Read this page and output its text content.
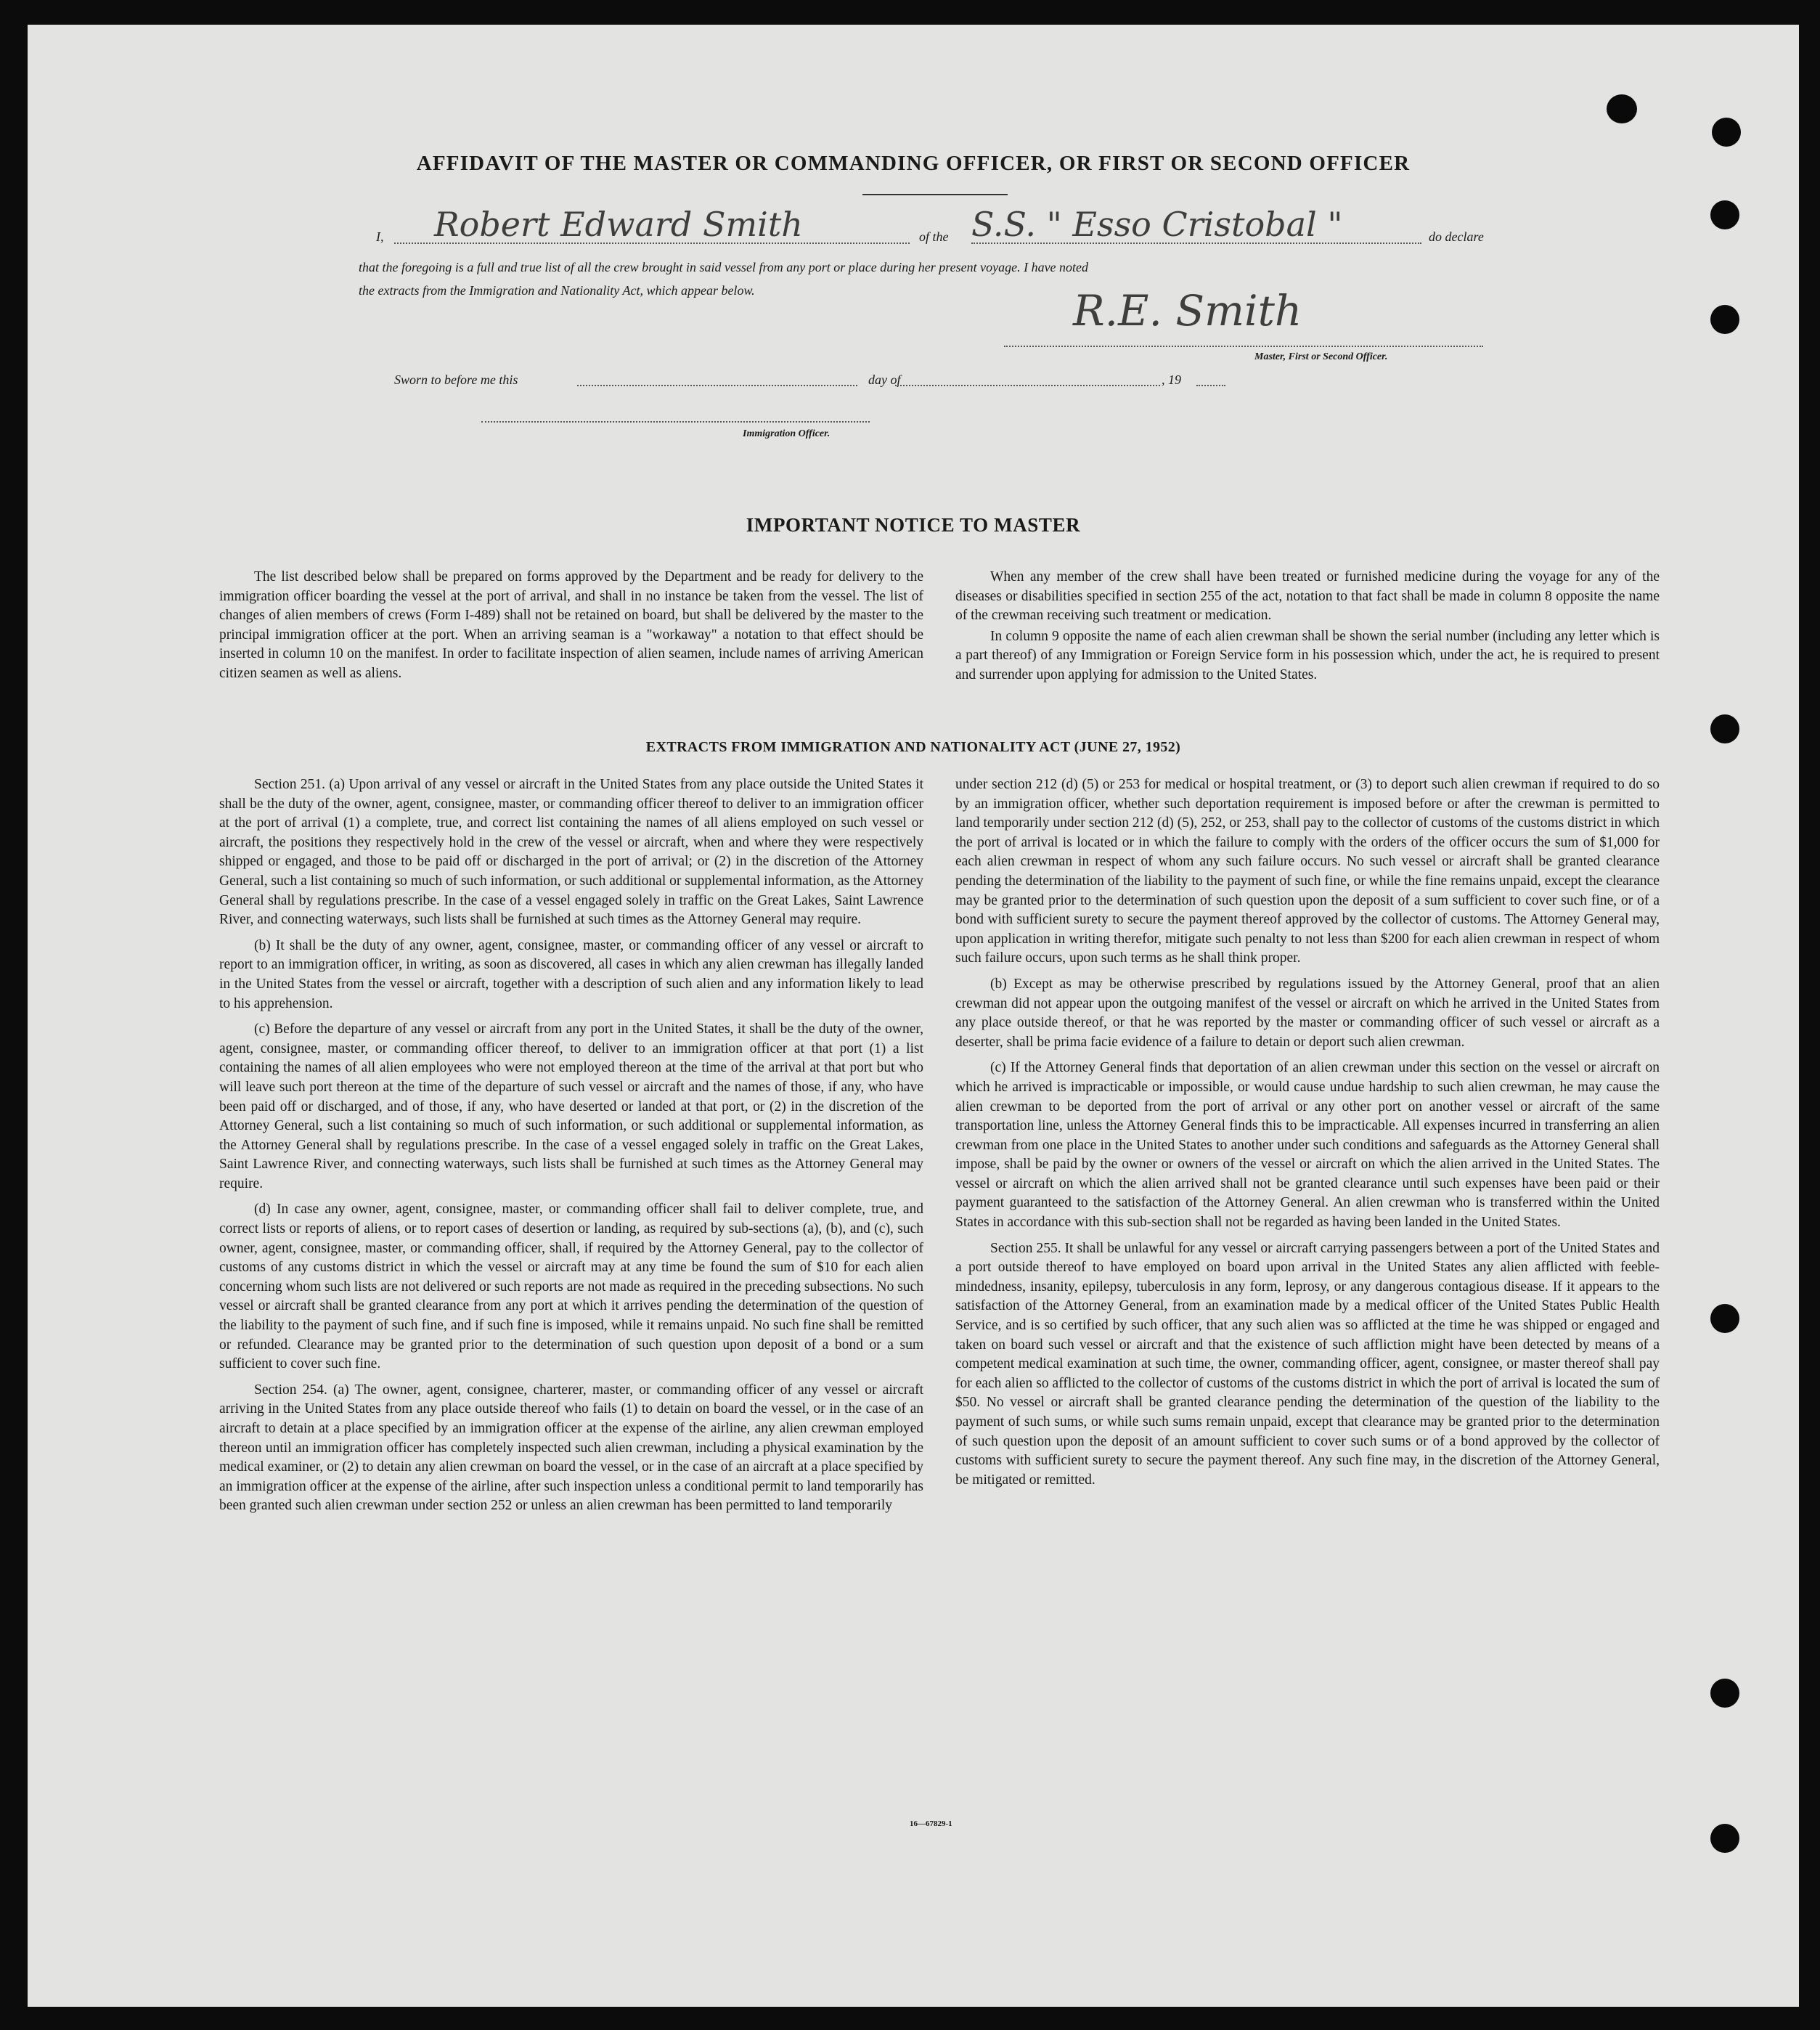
AFFIDAVIT OF THE MASTER OR COMMANDING OFFICER, OR FIRST OR SECOND OFFICER
I, Robert Edward Smith	of the S.S. " Esso Cristobal "	do declare
that the foregoing is a full and true list of all the crew brought in said vessel from any port or place during her present voyage. I have noted
the extracts from the Immigration and Nationality Act, which appear below.	R.E. Smith
Master, First or Second Officer.
Sworn to before me this	day of	, 19
Immigration Officer.
IMPORTANT NOTICE TO MASTER

The list described below shall be prepared on forms approved by the Department and be ready for delivery to the immigration officer boarding the vessel at the port of arrival, and shall in no instance be taken from the vessel. The list of changes of alien members of crews (Form I-489) shall not be retained on board, but shall be delivered by the master to the principal immigration officer at the port. When an arriving seaman is a "workaway" a notation to that effect should be inserted in column 10 on the manifest. In order to facilitate inspection of alien seamen, include names of arriving American citizen seamen as well as aliens.

When any member of the crew shall have been treated or furnished medicine during the voyage for any of the diseases or disabilities specified in section 255 of the act, notation to that fact shall be made in column 8 opposite the name of the crewman receiving such treatment or medication.

In column 9 opposite the name of each alien crewman shall be shown the serial number (including any letter which is a part thereof) of any Immigration or Foreign Service form in his possession which, under the act, he is required to present and surrender upon applying for admission to the United States.

EXTRACTS FROM IMMIGRATION AND NATIONALITY ACT (JUNE 27, 1952)

Section 251. (a) Upon arrival of any vessel or aircraft in the United States from any place outside the United States it shall be the duty of the owner, agent, consignee, master, or commanding officer thereof to deliver to an immigration officer at the port of arrival (1) a complete, true, and correct list containing the names of all aliens employed on such vessel or aircraft, the positions they respectively hold in the crew of the vessel or aircraft, when and where they were respectively shipped or engaged, and those to be paid off or discharged in the port of arrival; or (2) in the discretion of the Attorney General, such a list containing so much of such information, or such additional or supplemental information, as the Attorney General shall by regulations prescribe. In the case of a vessel engaged solely in traffic on the Great Lakes, Saint Lawrence River, and connecting waterways, such lists shall be furnished at such times as the Attorney General may require.

(b) It shall be the duty of any owner, agent, consignee, master, or commanding officer of any vessel or aircraft to report to an immigration officer, in writing, as soon as discovered, all cases in which any alien crewman has illegally landed in the United States from the vessel or aircraft, together with a description of such alien and any information likely to lead to his apprehension.

(c) Before the departure of any vessel or aircraft from any port in the United States, it shall be the duty of the owner, agent, consignee, master, or commanding officer thereof, to deliver to an immigration officer at that port (1) a list containing the names of all alien employees who were not employed thereon at the time of the arrival at that port but who will leave such port thereon at the time of the departure of such vessel or aircraft and the names of those, if any, who have been paid off or discharged, and of those, if any, who have deserted or landed at that port, or (2) in the discretion of the Attorney General, such a list containing so much of such information, or such additional or supplemental information, as the Attorney General shall by regulations prescribe. In the case of a vessel engaged solely in traffic on the Great Lakes, Saint Lawrence River, and connecting waterways, such lists shall be furnished at such times as the Attorney General may require.

(d) In case any owner, agent, consignee, master, or commanding officer shall fail to deliver complete, true, and correct lists or reports of aliens, or to report cases of desertion or landing, as required by sub-sections (a), (b), and (c), such owner, agent, consignee, master, or commanding officer, shall, if required by the Attorney General, pay to the collector of customs of any customs district in which the vessel or aircraft may at any time be found the sum of $10 for each alien concerning whom such lists are not delivered or such reports are not made as required in the preceding subsections. No such vessel or aircraft shall be granted clearance from any port at which it arrives pending the determination of the question of the liability to the payment of such fine, and if such fine is imposed, while it remains unpaid. No such fine shall be remitted or refunded. Clearance may be granted prior to the determination of such question upon deposit of a bond or a sum sufficient to cover such fine.

Section 254. (a) The owner, agent, consignee, charterer, master, or commanding officer of any vessel or aircraft arriving in the United States from any place outside thereof who fails (1) to detain on board the vessel, or in the case of an aircraft to detain at a place specified by an immigration officer at the expense of the airline, any alien crewman employed thereon until an immigration officer has completely inspected such alien crewman, including a physical examination by the medical examiner, or (2) to detain any alien crewman on board the vessel, or in the case of an aircraft at a place specified by an immigration officer at the expense of the airline, after such inspection unless a conditional permit to land temporarily has been granted such alien crewman under section 252 or unless an alien crewman has been permitted to land temporarily

under section 212 (d) (5) or 253 for medical or hospital treatment, or (3) to deport such alien crewman if required to do so by an immigration officer, whether such deportation requirement is imposed before or after the crewman is permitted to land temporarily under section 212 (d) (5), 252, or 253, shall pay to the collector of customs of the customs district in which the port of arrival is located or in which the failure to comply with the orders of the officer occurs the sum of $1,000 for each alien crewman in respect of whom any such failure occurs. No such vessel or aircraft shall be granted clearance pending the determination of the liability to the payment of such fine, or while the fine remains unpaid, except the clearance may be granted prior to the determination of such question upon the deposit of a sum sufficient to cover such fine, or of a bond with sufficient surety to secure the payment thereof approved by the collector of customs. The Attorney General may, upon application in writing therefor, mitigate such penalty to not less than $200 for each alien crewman in respect of whom such failure occurs, upon such terms as he shall think proper.

(b) Except as may be otherwise prescribed by regulations issued by the Attorney General, proof that an alien crewman did not appear upon the outgoing manifest of the vessel or aircraft on which he arrived in the United States from any place outside thereof, or that he was reported by the master or commanding officer of such vessel or aircraft as a deserter, shall be prima facie evidence of a failure to detain or deport such alien crewman.

(c) If the Attorney General finds that deportation of an alien crewman under this section on the vessel or aircraft on which he arrived is impracticable or impossible, or would cause undue hardship to such alien crewman, he may cause the alien crewman to be deported from the port of arrival or any other port on another vessel or aircraft of the same transportation line, unless the Attorney General finds this to be impracticable. All expenses incurred in transferring an alien crewman from one place in the United States to another under such conditions and safeguards as the Attorney General shall impose, shall be paid by the owner or owners of the vessel or aircraft on which the alien arrived in the United States. The vessel or aircraft on which the alien arrived shall not be granted clearance until such expenses have been paid or their payment guaranteed to the satisfaction of the Attorney General. An alien crewman who is transferred within the United States in accordance with this sub-section shall not be regarded as having been landed in the United States.

Section 255. It shall be unlawful for any vessel or aircraft carrying passengers between a port of the United States and a port outside thereof to have employed on board upon arrival in the United States any alien afflicted with feeble-mindedness, insanity, epilepsy, tuberculosis in any form, leprosy, or any dangerous contagious disease. If it appears to the satisfaction of the Attorney General, from an examination made by a medical officer of the United States Public Health Service, and is so certified by such officer, that any such alien was so afflicted at the time he was shipped or engaged and taken on board such vessel or aircraft and that the existence of such affliction might have been detected by means of a competent medical examination at such time, the owner, commanding officer, agent, consignee, or master thereof shall pay for each alien so afflicted to the collector of customs of the customs district in which the port of arrival is located the sum of $50. No vessel or aircraft shall be granted clearance pending the determination of the question of the liability to the payment of such sums, or while such sums remain unpaid, except that clearance may be granted prior to the determination of such question upon the deposit of an amount sufficient to cover such sums or of a bond approved by the collector of customs with sufficient surety to secure the payment thereof. Any such fine may, in the discretion of the Attorney General, be mitigated or remitted.

16—67829-1
